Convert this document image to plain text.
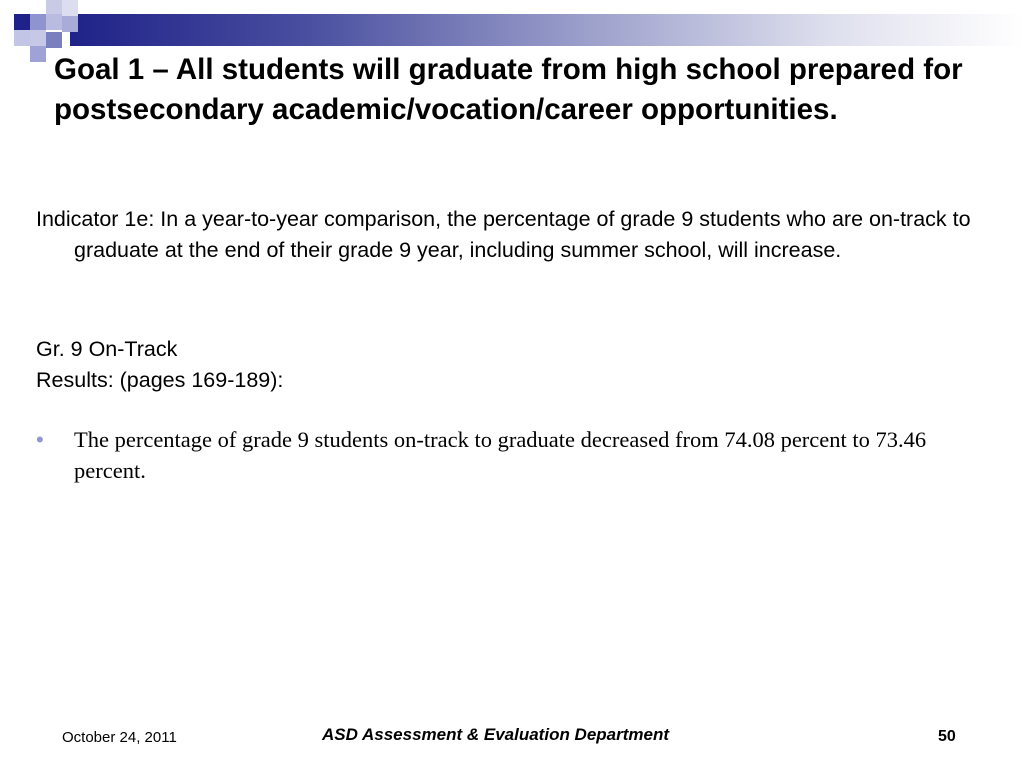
Goal 1 – All students will graduate from high school prepared for postsecondary academic/vocation/career opportunities.

Indicator 1e: In a year-to-year comparison, the percentage of grade 9 students who are on-track to graduate at the end of their grade 9 year, including summer school, will increase.

Gr. 9 On-Track
Results: (pages 169-189):

•	The percentage of grade 9 students on-track to graduate decreased from 74.08 percent to 73.46 percent.

October 24, 2011	ASD Assessment & Evaluation Department	50
